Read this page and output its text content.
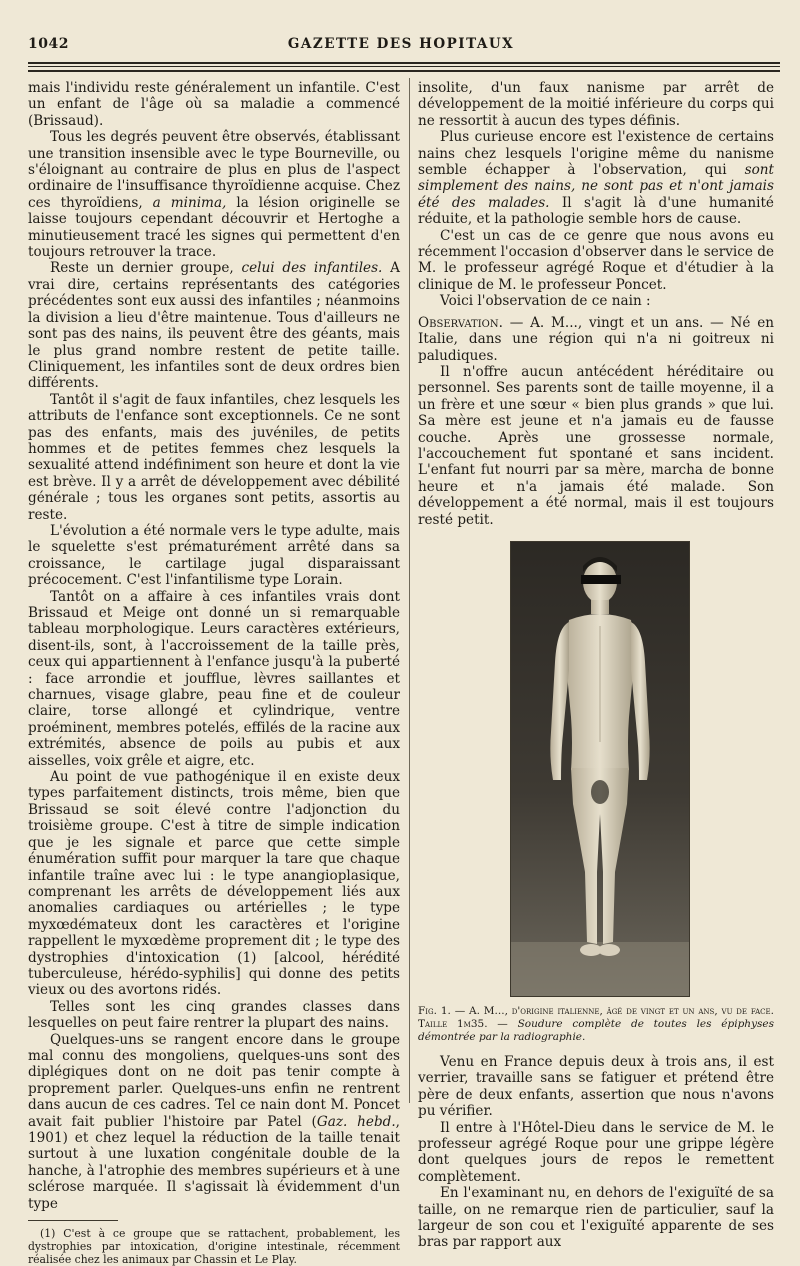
1042	GAZETTE DES HOPITAUX

mais l'individu reste généralement un infantile. C'est un enfant de l'âge où sa maladie a commencé (Brissaud).

Tous les degrés peuvent être observés, établissant une transition insensible avec le type Bourneville, ou s'éloignant au contraire de plus en plus de l'aspect ordinaire de l'insuffisance thyroïdienne acquise. Chez ces thyroïdiens, a minima, la lésion originelle se laisse toujours cependant découvrir et Hertoghe a minutieusement tracé les signes qui permettent d'en toujours retrouver la trace.

Reste un dernier groupe, celui des infantiles. A vrai dire, certains représentants des catégories précédentes sont eux aussi des infantiles ; néanmoins la division a lieu d'être maintenue. Tous d'ailleurs ne sont pas des nains, ils peuvent être des géants, mais le plus grand nombre restent de petite taille. Cliniquement, les infantiles sont de deux ordres bien différents.

Tantôt il s'agit de faux infantiles, chez lesquels les attributs de l'enfance sont exceptionnels. Ce ne sont pas des enfants, mais des juvéniles, de petits hommes et de petites femmes chez lesquels la sexualité attend indéfiniment son heure et dont la vie est brève. Il y a arrêt de développement avec débilité générale ; tous les organes sont petits, assortis au reste.

L'évolution a été normale vers le type adulte, mais le squelette s'est prématurément arrêté dans sa croissance, le cartilage jugal disparaissant précocement. C'est l'infantilisme type Lorain.

Tantôt on a affaire à ces infantiles vrais dont Brissaud et Meige ont donné un si remarquable tableau morphologique. Leurs caractères extérieurs, disent-ils, sont, à l'accroissement de la taille près, ceux qui appartiennent à l'enfance jusqu'à la puberté : face arrondie et joufflue, lèvres saillantes et charnues, visage glabre, peau fine et de couleur claire, torse allongé et cylindrique, ventre proéminent, membres potelés, effilés de la racine aux extrémités, absence de poils au pubis et aux aisselles, voix grêle et aigre, etc.

Au point de vue pathogénique il en existe deux types parfaitement distincts, trois même, bien que Brissaud se soit élevé contre l'adjonction du troisième groupe. C'est à titre de simple indication que je les signale et parce que cette simple énumération suffit pour marquer la tare que chaque infantile traîne avec lui : le type anangioplasique, comprenant les arrêts de développement liés aux anomalies cardiaques ou artérielles ; le type myxœdémateux dont les caractères et l'origine rappellent le myxœdème proprement dit ; le type des dystrophies d'intoxication (1) [alcool, hérédité tuberculeuse, hérédo-syphilis] qui donne des petits vieux ou des avortons ridés.

Telles sont les cinq grandes classes dans lesquelles on peut faire rentrer la plupart des nains.

Quelques-uns se rangent encore dans le groupe mal connu des mongoliens, quelques-uns sont des diplégiques dont on ne doit pas tenir compte à proprement parler. Quelques-uns enfin ne rentrent dans aucun de ces cadres. Tel ce nain dont M. Poncet avait fait publier l'histoire par Patel (Gaz. hebd., 1901) et chez lequel la réduction de la taille tenait surtout à une luxation congénitale double de la hanche, à l'atrophie des membres supérieurs et à une sclérose marquée. Il s'agissait là évidemment d'un type

(1) C'est à ce groupe que se rattachent, probablement, les dystrophies par intoxication, d'origine intestinale, récemment réalisée chez les animaux par Chassin et Le Play.

insolite, d'un faux nanisme par arrêt de développement de la moitié inférieure du corps qui ne ressortit à aucun des types définis.

Plus curieuse encore est l'existence de certains nains chez lesquels l'origine même du nanisme semble échapper à l'observation, qui sont simplement des nains, ne sont pas et n'ont jamais été des malades. Il s'agit là d'une humanité réduite, et la pathologie semble hors de cause.

C'est un cas de ce genre que nous avons eu récemment l'occasion d'observer dans le service de M. le professeur agrégé Roque et d'étudier à la clinique de M. le professeur Poncet.

Voici l'observation de ce nain :

Observation. — A. M..., vingt et un ans. — Né en Italie, dans une région qui n'a ni goitreux ni paludiques.

Il n'offre aucun antécédent héréditaire ou personnel. Ses parents sont de taille moyenne, il a un frère et une sœur « bien plus grands » que lui. Sa mère est jeune et n'a jamais eu de fausse couche. Après une grossesse normale, l'accouchement fut spontané et sans incident. L'enfant fut nourri par sa mère, marcha de bonne heure et n'a jamais été malade. Son développement a été normal, mais il est toujours resté petit.

Fig. 1. — A. M..., d'origine italienne, âgé de vingt et un ans, vu de face. Taille 1m35. — Soudure complète de toutes les épiphyses démontrée par la radiographie.

Venu en France depuis deux à trois ans, il est verrier, travaille sans se fatiguer et prétend être père de deux enfants, assertion que nous n'avons pu vérifier.

Il entre à l'Hôtel-Dieu dans le service de M. le professeur agrégé Roque pour une grippe légère dont quelques jours de repos le remettent complètement.

En l'examinant nu, en dehors de l'exiguïté de sa taille, on ne remarque rien de particulier, sauf la largeur de son cou et l'exiguïté apparente de ses bras par rapport aux
